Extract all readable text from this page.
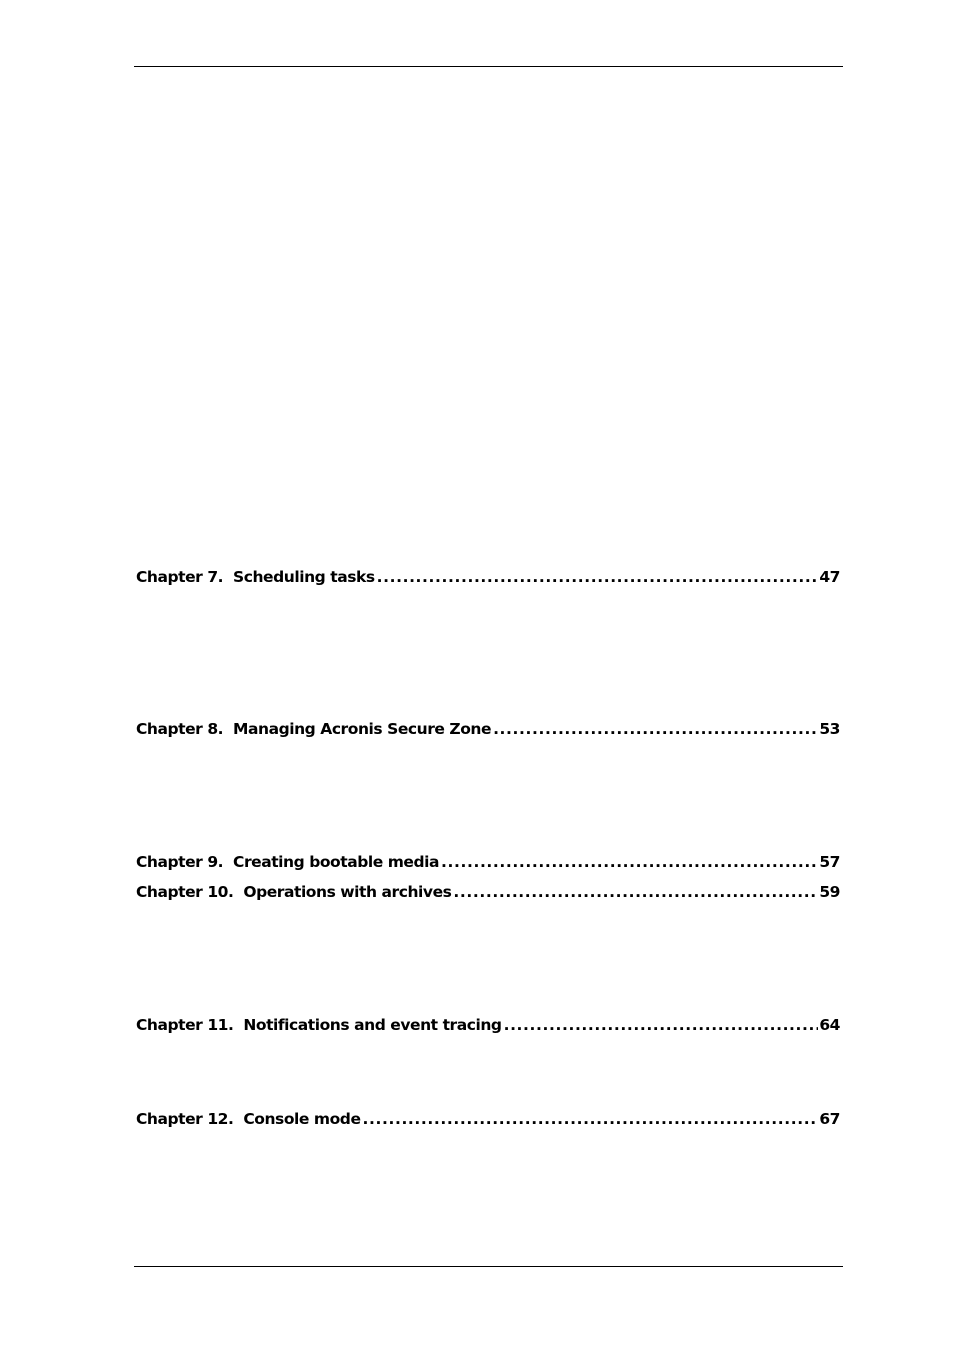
Chapter 7. Scheduling tasks .....	47
Chapter 8. Managing Acronis Secure Zone .....	53
Chapter 9. Creating bootable media .....	57
Chapter 10. Operations with archives .....	59
Chapter 11. Notifications and event tracing .....	64
Chapter 12. Console mode .....	67
